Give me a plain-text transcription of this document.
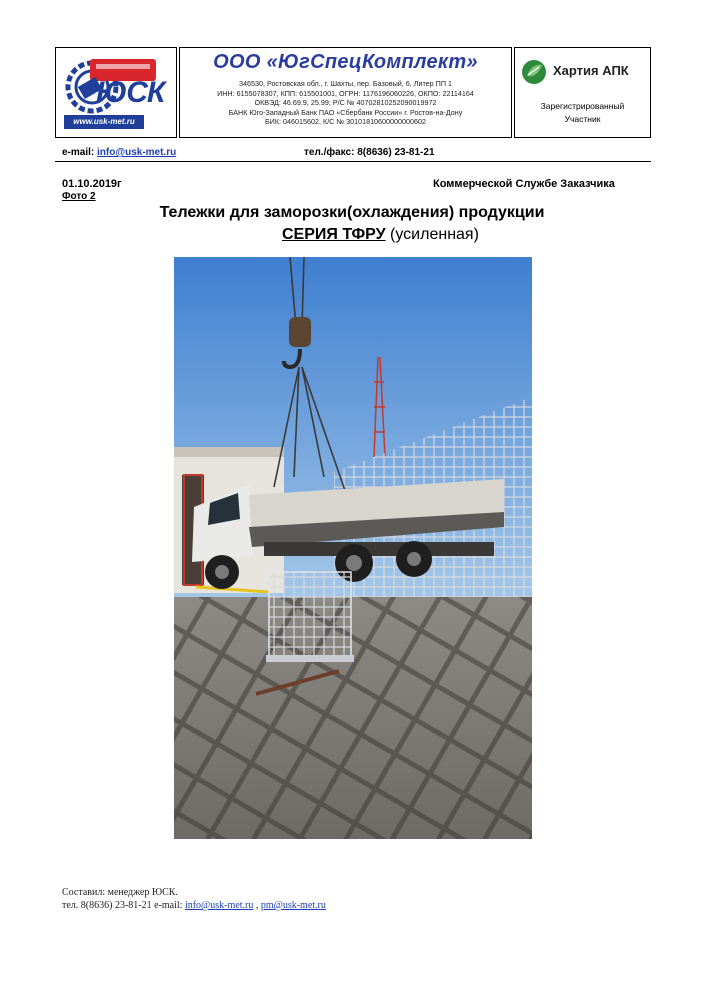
ЮСК
www.usk-met.ru
ООО «ЮгСпецКомплект»
346530, Ростовская обл., г. Шахты, пер. Базовый, 6, Литер ПП 1
ИНН: 6155078307, КПП: 615501001, ОГРН: 1176196060226, ОКПО: 22114164
ОКВЭД: 46.69.9, 25.99; Р/С № 40702810252090019972
БАНК Юго-Западный Банк ПАО «Сбербанк России» г. Ростов-на-Дону
БИК: 046015602, К/С № 30101810600000000602
Хартия АПК
Зарегистрированный
Участник
e-mail: info@usk-met.ru	тел./факс: 8(8636) 23-81-21
01.10.2019г
Фото 2
Коммерческой Службе Заказчика
Тележки для заморозки(охлаждения) продукции
СЕРИЯ ТФРУ (усиленная)
Составил: менеджер ЮСК.
тел. 8(8636) 23-81-21 e-mail: info@usk-met.ru , pm@usk-met.ru
